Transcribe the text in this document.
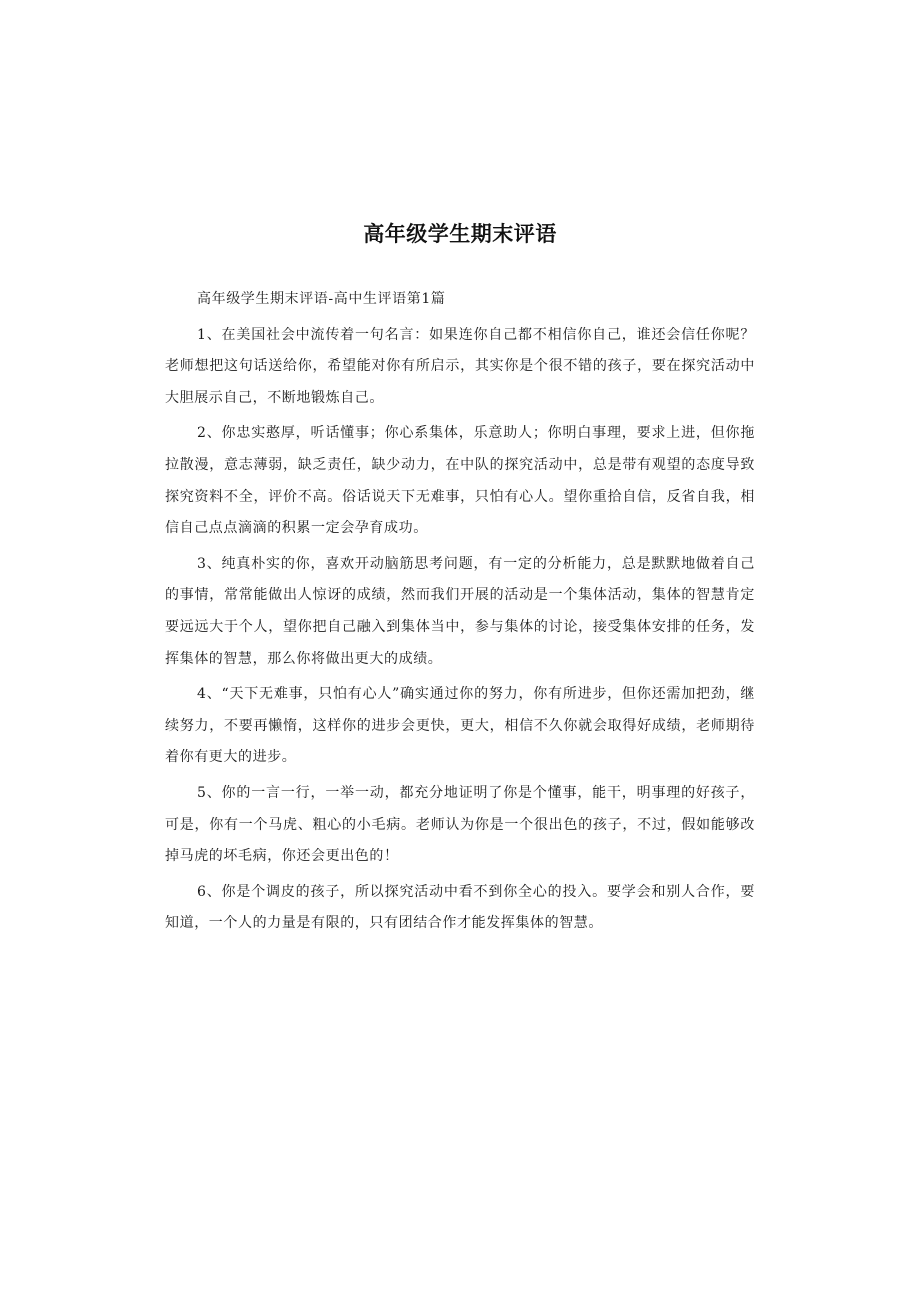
高年级学生期末评语

高年级学生期末评语-高中生评语第1篇

1、在美国社会中流传着一句名言：如果连你自己都不相信你自己，谁还会信任你呢？老师想把这句话送给你，希望能对你有所启示，其实你是个很不错的孩子，要在探究活动中大胆展示自己，不断地锻炼自己。

2、你忠实憨厚，听话懂事；你心系集体，乐意助人；你明白事理，要求上进，但你拖拉散漫，意志薄弱，缺乏责任，缺少动力，在中队的探究活动中，总是带有观望的态度导致探究资料不全，评价不高。俗话说天下无难事，只怕有心人。望你重拾自信，反省自我，相信自己点点滴滴的积累一定会孕育成功。

3、纯真朴实的你，喜欢开动脑筋思考问题，有一定的分析能力，总是默默地做着自己的事情，常常能做出人惊讶的成绩，然而我们开展的活动是一个集体活动，集体的智慧肯定要远远大于个人，望你把自己融入到集体当中，参与集体的讨论，接受集体安排的任务，发挥集体的智慧，那么你将做出更大的成绩。

4、“天下无难事，只怕有心人”确实通过你的努力，你有所进步，但你还需加把劲，继续努力，不要再懒惰，这样你的进步会更快，更大，相信不久你就会取得好成绩，老师期待着你有更大的进步。

5、你的一言一行，一举一动，都充分地证明了你是个懂事，能干，明事理的好孩子，可是，你有一个马虎、粗心的小毛病。老师认为你是一个很出色的孩子，不过，假如能够改掉马虎的坏毛病，你还会更出色的！

6、你是个调皮的孩子，所以探究活动中看不到你全心的投入。要学会和别人合作，要知道，一个人的力量是有限的，只有团结合作才能发挥集体的智慧。
